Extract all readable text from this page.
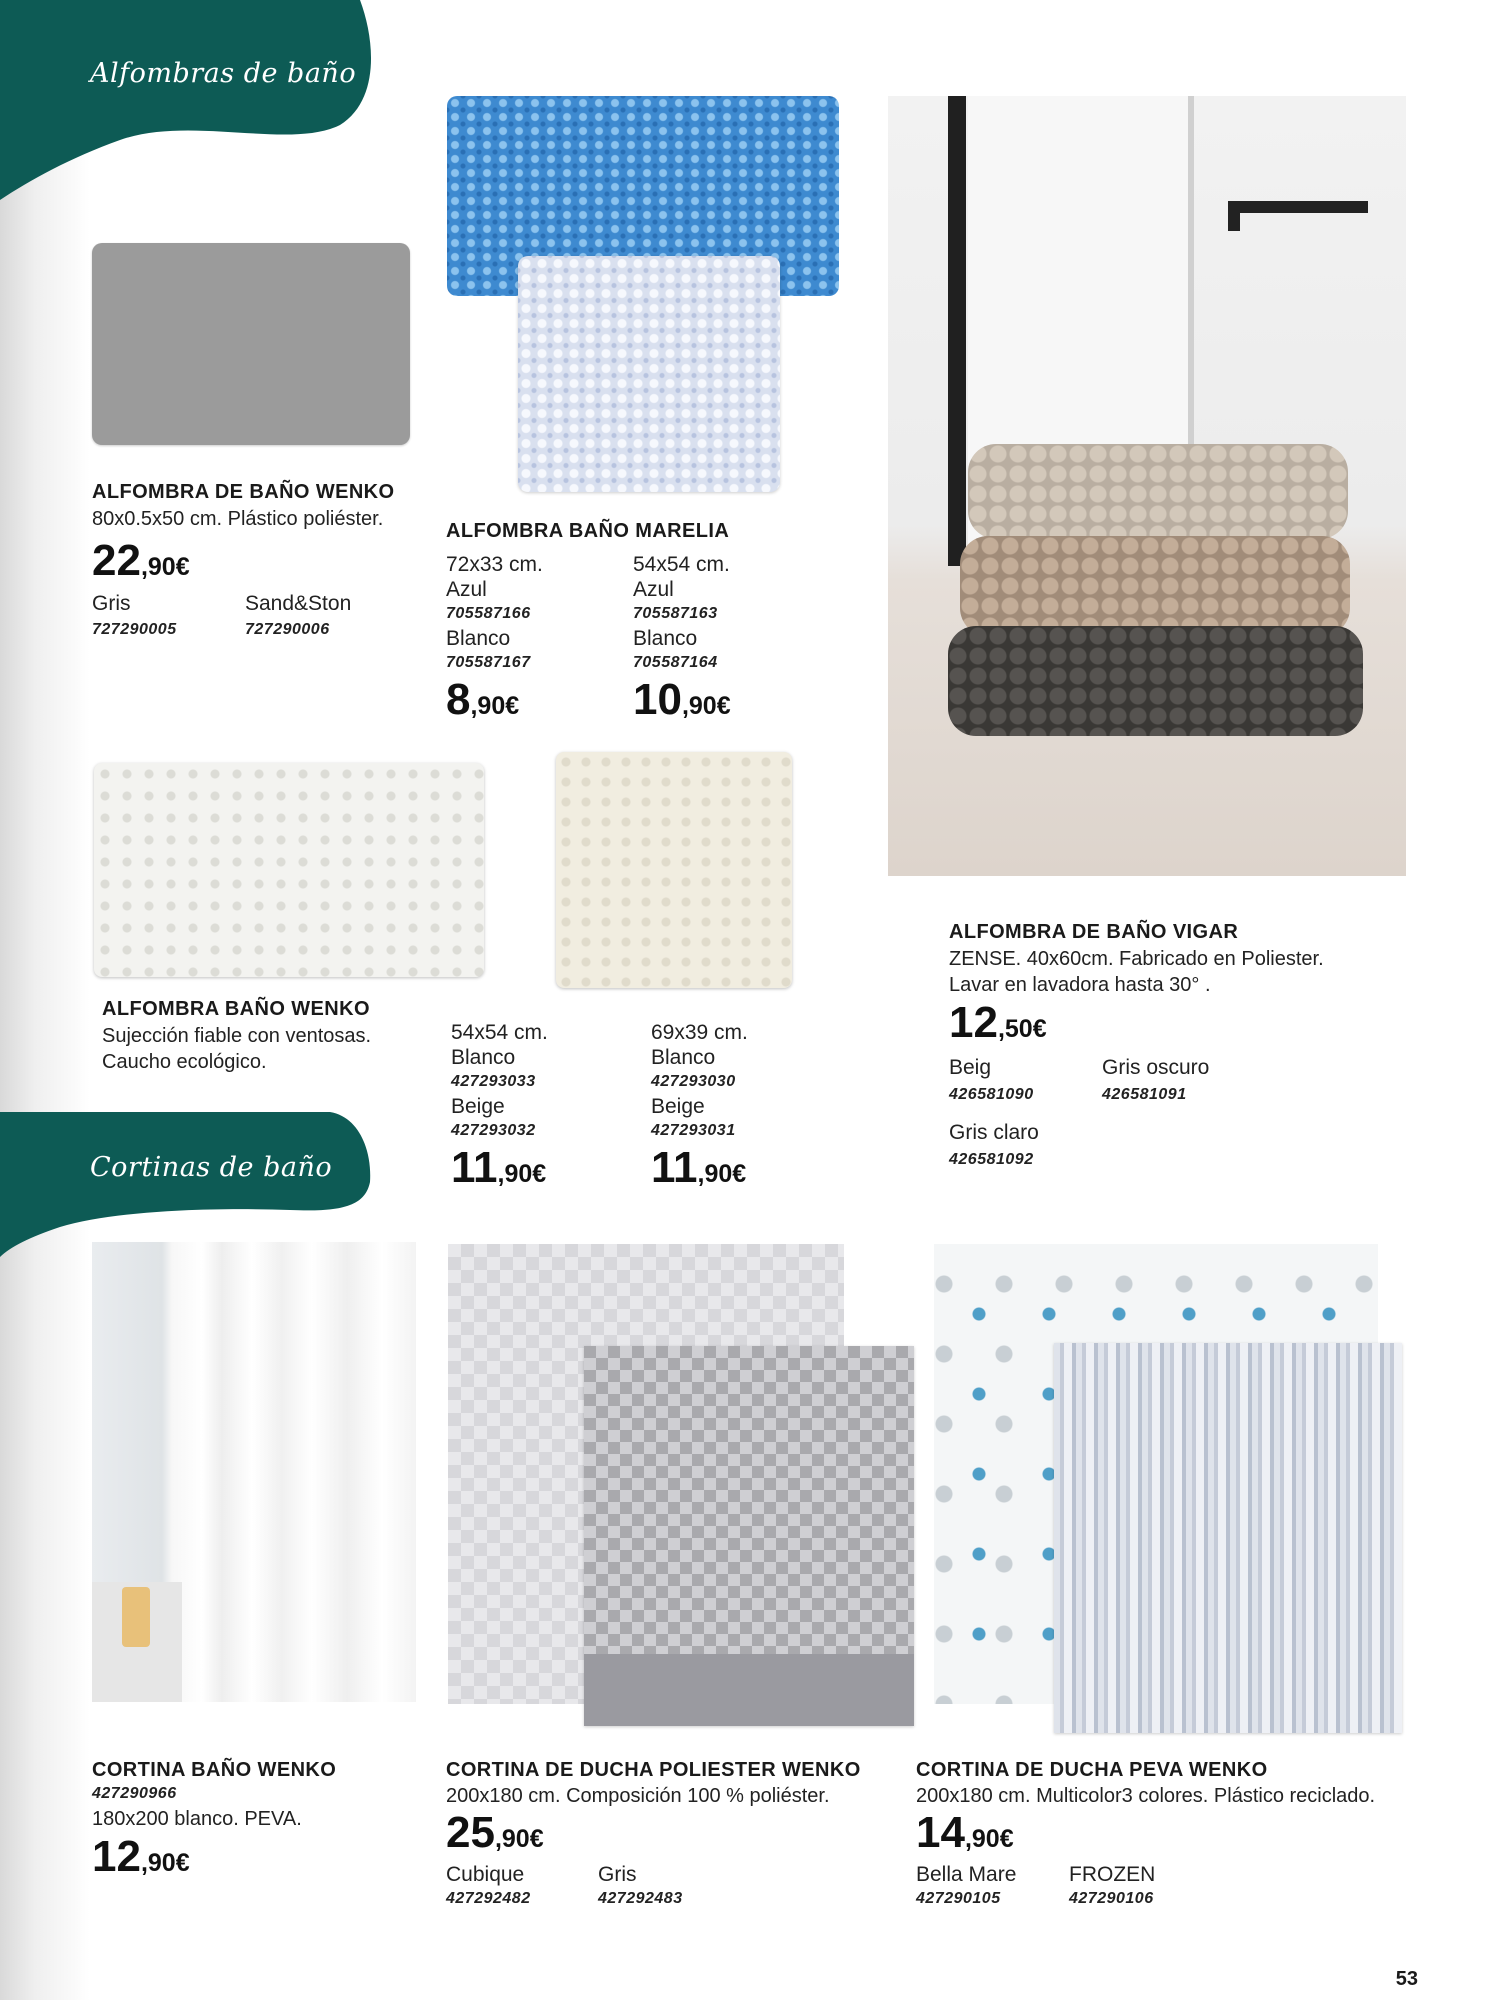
Alfombras de baño
Cortinas de baño
ALFOMBRA DE BAÑO WENKO
80x0.5x50 cm. Plástico poliéster.
22,90€
Gris
727290005
Sand&Ston
727290006
ALFOMBRA BAÑO MARELIA
72x33 cm.
Azul
705587166
Blanco
705587167
8,90€
54x54 cm.
Azul
705587163
Blanco
705587164
10,90€
ALFOMBRA DE BAÑO VIGAR
ZENSE. 40x60cm. Fabricado en Poliester.
Lavar en lavadora hasta 30° .
12,50€
Beig
426581090
Gris oscuro
426581091
Gris claro
426581092
ALFOMBRA BAÑO WENKO
Sujección fiable con ventosas.
Caucho ecológico.
54x54 cm.
Blanco
427293033
Beige
427293032
11,90€
69x39 cm.
Blanco
427293030
Beige
427293031
11,90€
CORTINA BAÑO WENKO
427290966
180x200 blanco. PEVA.
12,90€
CORTINA DE DUCHA POLIESTER WENKO
200x180 cm. Composición 100 % poliéster.
25,90€
Cubique
427292482
Gris
427292483
CORTINA DE DUCHA PEVA WENKO
200x180 cm. Multicolor3 colores. Plástico reciclado.
14,90€
Bella Mare
427290105
FROZEN
427290106
53
